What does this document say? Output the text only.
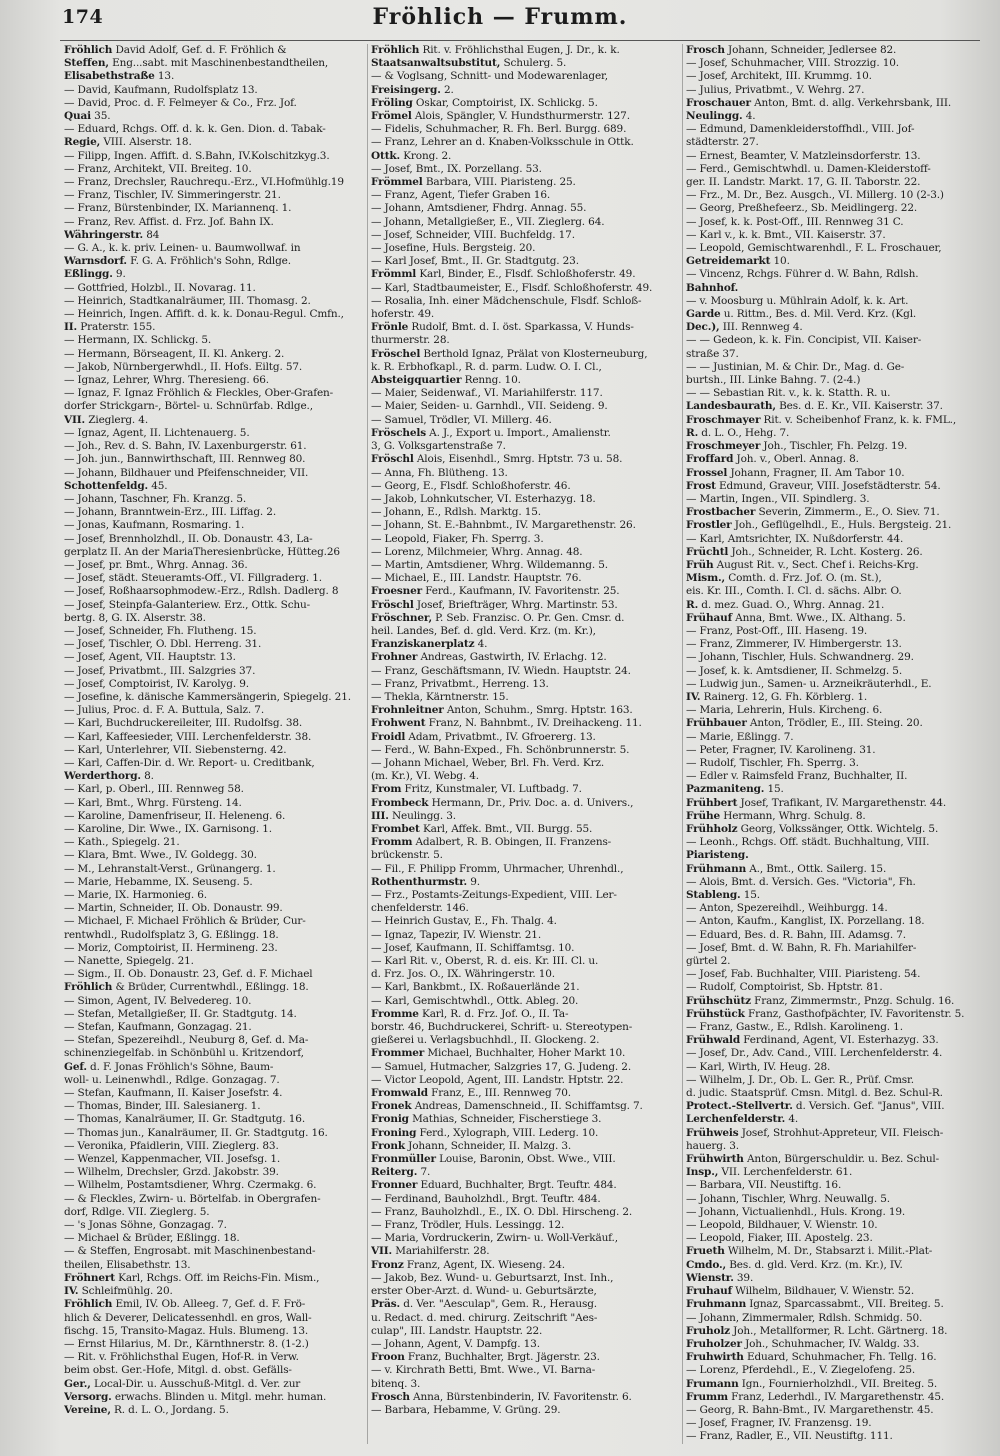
174	Fröhlich — Frumm.
Fröhlich David Adolf, Gef. d. F. Fröhlich &
Steffen, Eng...sabt. mit Maschinenbestandtheilen,
Elisabethstraße 13.
— David, Kaufmann, Rudolfsplatz 13.
— David, Proc. d. F. Felmeyer & Co., Frz. Jof.
Quai 35.
— Eduard, Rchgs. Off. d. k. k. Gen. Dion. d. Tabak-
Regie, VIII. Alserstr. 18.
— Filipp, Ingen. Affift. d. S.Bahn, IV.Kolschitzkyg.3.
— Franz, Architekt, VII. Breiteg. 10.
— Franz, Drechsler, Rauchrequ.-Erz., VI.Hofmühlg.19
— Franz, Tischler, IV. Simmeringerstr. 21.
— Franz, Bürstenbinder, IX. Mariannenq. 1.
— Franz, Rev. Affist. d. Frz. Jof. Bahn IX.
Währingerstr. 84
— G. A., k. k. priv. Leinen- u. Baumwollwaf. in
Warnsdorf. F. G. A. Fröhlich's Sohn, Rdlge.
Eßlingg. 9.
— Gottfried, Holzbl., II. Novarag. 11.
— Heinrich, Stadtkanalräumer, III. Thomasg. 2.
— Heinrich, Ingen. Affift. d. k. k. Donau-Regul. Cmfn.,
II. Praterstr. 155.
— Hermann, IX. Schlickg. 5.
— Hermann, Börseagent, II. Kl. Ankerg. 2.
— Jakob, Nürnbergerwhdl., II. Hofs. Eiltg. 57.
— Ignaz, Lehrer, Whrg. Theresieng. 66.
— Ignaz, F. Ignaz Fröhlich & Fleckles, Ober-Grafen-
dorfer Strickgarn-, Börtel- u. Schnürfab. Rdlge.,
VII. Zieglerg. 4.
— Ignaz, Agent, II. Lichtenauerg. 5.
— Joh., Rev. d. S. Bahn, IV. Laxenburgerstr. 61.
— Joh. jun., Bannwirthschaft, III. Rennweg 80.
— Johann, Bildhauer und Pfeifenschneider, VII.
Schottenfeldg. 45.
— Johann, Taschner, Fh. Kranzg. 5.
— Johann, Branntwein-Erz., III. Liffag. 2.
— Jonas, Kaufmann, Rosmaring. 1.
— Josef, Brennholzhdl., II. Ob. Donaustr. 43, La-
gerplatz II. An der MariaTheresienbrücke, Hütteg.26
— Josef, pr. Bmt., Whrg. Annag. 36.
— Josef, städt. Steueramts-Off., VI. Fillgraderg. 1.
— Josef, Roßhaarsophmodew.-Erz., Rdlsh. Dadlerg. 8
— Josef, Steinpfa-Galanteriew. Erz., Ottk. Schu-
bertg. 8, G. IX. Alserstr. 38.
— Josef, Schneider, Fh. Flutheng. 15.
— Josef, Tischler, O. Dbl. Herreng. 31.
— Josef, Agent, VII. Hauptstr. 13.
— Josef, Privatbmt., III. Salzgries 37.
— Josef, Comptoirist, IV. Karolyg. 9.
— Josefine, k. dänische Kammersängerin, Spiegelg. 21.
— Julius, Proc. d. F. A. Buttula, Salz. 7.
— Karl, Buchdruckereileiter, III. Rudolfsg. 38.
— Karl, Kaffeesieder, VIII. Lerchenfelderstr. 38.
— Karl, Unterlehrer, VII. Siebensterng. 42.
— Karl, Caffen-Dir. d. Wr. Report- u. Creditbank,
Werderthorg. 8.
— Karl, p. Oberl., III. Rennweg 58.
— Karl, Bmt., Whrg. Fürsteng. 14.
— Karoline, Damenfriseur, II. Heleneng. 6.
— Karoline, Dir. Wwe., IX. Garnisong. 1.
— Kath., Spiegelg. 21.
— Klara, Bmt. Wwe., IV. Goldegg. 30.
— M., Lehranstalt-Verst., Grünangerg. 1.
— Marie, Hebamme, IX. Seuseng. 5.
— Marie, IX. Harmonieg. 6.
— Martin, Schneider, II. Ob. Donaustr. 99.
— Michael, F. Michael Fröhlich & Brüder, Cur-
rentwhdl., Rudolfsplatz 3, G. Eßlingg. 18.
— Moriz, Comptoirist, II. Hermineng. 23.
— Nanette, Spiegelg. 21.
— Sigm., II. Ob. Donaustr. 23, Gef. d. F. Michael
Fröhlich & Brüder, Currentwhdl., Eßlingg. 18.
— Simon, Agent, IV. Belvedereg. 10.
— Stefan, Metallgießer, II. Gr. Stadtgutg. 14.
— Stefan, Kaufmann, Gonzagag. 21.
— Stefan, Spezereihdl., Neuburg 8, Gef. d. Ma-
schinenziegelfab. in Schönbühl u. Kritzendorf,
Gef. d. F. Jonas Fröhlich's Söhne, Baum-
woll- u. Leinenwhdl., Rdlge. Gonzagag. 7.
— Stefan, Kaufmann, II. Kaiser Josefstr. 4.
— Thomas, Binder, III. Salesianerg. 1.
— Thomas, Kanalräumer, II. Gr. Stadtgutg. 16.
— Thomas jun., Kanalräumer, II. Gr. Stadtgutg. 16.
— Veronika, Pfaidlerin, VIII. Zieglerg. 83.
— Wenzel, Kappenmacher, VII. Josefsg. 1.
— Wilhelm, Drechsler, Grzd. Jakobstr. 39.
— Wilhelm, Postamtsdiener, Whrg. Czermakg. 6.
— & Fleckles, Zwirn- u. Börtelfab. in Obergrafen-
dorf, Rdlge. VII. Zieglerg. 5.
— 's Jonas Söhne, Gonzagag. 7.
— Michael & Brüder, Eßlingg. 18.
— & Steffen, Engrosabt. mit Maschinenbestand-
theilen, Elisabethstr. 13.
Fröhnert Karl, Rchgs. Off. im Reichs-Fin. Mism.,
IV. Schleifmühlg. 20.
Fröhlich Emil, IV. Ob. Alleeg. 7, Gef. d. F. Frö-
hlich & Deverer, Delicatessenhdl. en gros, Wall-
fischg. 15, Transito-Magaz. Huls. Blumeng. 13.
— Ernst Hilarius, M. Dr., Kärnthnerstr. 8. (1-2.)
— Rit. v. Fröhlichsthal Eugen, Hof-R. in Verw.
beim obst. Ger.-Hofe, Mitgl. d. obst. Gefälls-
Ger., Local-Dir. u. Ausschuß-Mitgl. d. Ver. zur
Versorg. erwachs. Blinden u. Mitgl. mehr. human.
Vereine, R. d. L. O., Jordang. 5.
Fröhlich Rit. v. Fröhlichsthal Eugen, J. Dr., k. k.
Staatsanwaltsubstitut, Schulerg. 5.
— & Voglsang, Schnitt- und Modewarenlager,
Freisingerg. 2.
Fröling Oskar, Comptoirist, IX. Schlickg. 5.
Frömel Alois, Spängler, V. Hundsthurmerstr. 127.
— Fidelis, Schuhmacher, R. Fh. Berl. Burgg. 689.
— Franz, Lehrer an d. Knaben-Volksschule in Ottk.
Ottk. Krong. 2.
— Josef, Bmt., IX. Porzellang. 53.
Frömmel Barbara, VIII. Piaristeng. 25.
— Franz, Agent, Tiefer Graben 16.
— Johann, Amtsdiener, Fhdrg. Annag. 55.
— Johann, Metallgießer, E., VII. Zieglerg. 64.
— Josef, Schneider, VIII. Buchfeldg. 17.
— Josefine, Huls. Bergsteig. 20.
— Karl Josef, Bmt., II. Gr. Stadtgutg. 23.
Frömml Karl, Binder, E., Flsdf. Schloßhoferstr. 49.
— Karl, Stadtbaumeister, E., Flsdf. Schloßhoferstr. 49.
— Rosalia, Inh. einer Mädchenschule, Flsdf. Schloß-
hoferstr. 49.
Frönle Rudolf, Bmt. d. I. öst. Sparkassa, V. Hunds-
thurmerstr. 28.
Fröschel Berthold Ignaz, Prälat von Klosterneuburg,
k. R. Erbhofkapl., R. d. parm. Ludw. O. I. Cl.,
Absteigquartier Renng. 10.
— Maier, Seidenwaf., VI. Mariahilferstr. 117.
— Maier, Seiden- u. Garnhdl., VII. Seideng. 9.
— Samuel, Trödler, VI. Millerg. 46.
Fröschels A. J., Export u. Import., Amalienstr.
3, G. Volksgartenstraße 7.
Fröschl Alois, Eisenhdl., Smrg. Hptstr. 73 u. 58.
— Anna, Fh. Blütheng. 13.
— Georg, E., Flsdf. Schloßhoferstr. 46.
— Jakob, Lohnkutscher, VI. Esterhazyg. 18.
— Johann, E., Rdlsh. Marktg. 15.
— Johann, St. E.-Bahnbmt., IV. Margarethenstr. 26.
— Leopold, Fiaker, Fh. Sperrg. 3.
— Lorenz, Milchmeier, Whrg. Annag. 48.
— Martin, Amtsdiener, Whrg. Wildemanng. 5.
— Michael, E., III. Landstr. Hauptstr. 76.
Froesner Ferd., Kaufmann, IV. Favoritenstr. 25.
Fröschl Josef, Briefträger, Whrg. Martinstr. 53.
Fröschner, P. Seb. Franzisc. O. Pr. Gen. Cmsr. d.
heil. Landes, Bef. d. gld. Verd. Krz. (m. Kr.),
Franziskanerplatz 4.
Frohner Andreas, Gastwirth, IV. Erlachg. 12.
— Franz, Geschäftsmann, IV. Wiedn. Hauptstr. 24.
— Franz, Privatbmt., Herreng. 13.
— Thekla, Kärntnerstr. 15.
Frohnleitner Anton, Schuhm., Smrg. Hptstr. 163.
Frohwent Franz, N. Bahnbmt., IV. Dreihackeng. 11.
Froidl Adam, Privatbmt., IV. Gfroererg. 13.
— Ferd., W. Bahn-Exped., Fh. Schönbrunnerstr. 5.
— Johann Michael, Weber, Brl. Fh. Verd. Krz.
(m. Kr.), VI. Webg. 4.
From Fritz, Kunstmaler, VI. Luftbadg. 7.
Frombeck Hermann, Dr., Priv. Doc. a. d. Univers.,
III. Neulingg. 3.
Frombet Karl, Affek. Bmt., VII. Burgg. 55.
Fromm Adalbert, R. B. Obingen, II. Franzens-
brückenstr. 5.
— Fil., F. Philipp Fromm, Uhrmacher, Uhrenhdl.,
Rothenthurmstr. 9.
— Frz., Postamts-Zeitungs-Expedient, VIII. Ler-
chenfelderstr. 146.
— Heinrich Gustav, E., Fh. Thalg. 4.
— Ignaz, Tapezir, IV. Wienstr. 21.
— Josef, Kaufmann, II. Schiffamtsg. 10.
— Karl Rit. v., Oberst, R. d. eis. Kr. III. Cl. u.
d. Frz. Jos. O., IX. Währingerstr. 10.
— Karl, Bankbmt., IX. Roßauerlände 21.
— Karl, Gemischtwhdl., Ottk. Ableg. 20.
Fromme Karl, R. d. Frz. Jof. O., II. Ta-
borstr. 46, Buchdruckerei, Schrift- u. Stereotypen-
gießerei u. Verlagsbuchhdl., II. Glockeng. 2.
Frommer Michael, Buchhalter, Hoher Markt 10.
— Samuel, Hutmacher, Salzgries 17, G. Judeng. 2.
— Victor Leopold, Agent, III. Landstr. Hptstr. 22.
Fromwald Franz, E., III. Rennweg 70.
Fronek Andreas, Damenschneid., II. Schiffamtsg. 7.
Fronig Mathias, Schneider, Fischerstiege 3.
Froning Ferd., Xylograph, VIII. Lederg. 10.
Fronk Johann, Schneider, II. Malzg. 3.
Fronmüller Louise, Baronin, Obst. Wwe., VIII.
Reiterg. 7.
Fronner Eduard, Buchhalter, Brgt. Teuftr. 484.
— Ferdinand, Bauholzhdl., Brgt. Teuftr. 484.
— Franz, Bauholzhdl., E., IX. O. Dbl. Hirscheng. 2.
— Franz, Trödler, Huls. Lessingg. 12.
— Maria, Vordruckerin, Zwirn- u. Woll-Verkäuf.,
VII. Mariahilferstr. 28.
Fronz Franz, Agent, IX. Wieseng. 24.
— Jakob, Bez. Wund- u. Geburtsarzt, Inst. Inh.,
erster Ober-Arzt. d. Wund- u. Geburtsärzte,
Präs. d. Ver. "Aesculap", Gem. R., Herausg.
u. Redact. d. med. chirurg. Zeitschrift "Aes-
culap", III. Landstr. Hauptstr. 22.
— Johann, Agent, V. Dampfg. 13.
Froon Franz, Buchhalter, Brgt. Jägerstr. 23.
— v. Kirchrath Betti, Bmt. Wwe., VI. Barna-
bitenq. 3.
Frosch Anna, Bürstenbinderin, IV. Favoritenstr. 6.
— Barbara, Hebamme, V. Grüng. 29.
Frosch Johann, Schneider, Jedlersee 82.
— Josef, Schuhmacher, VIII. Strozzig. 10.
— Josef, Architekt, III. Krummg. 10.
— Julius, Privatbmt., V. Wehrg. 27.
Froschauer Anton, Bmt. d. allg. Verkehrsbank, III.
Neulingg. 4.
— Edmund, Damenkleiderstoffhdl., VIII. Jof-
städterstr. 27.
— Ernest, Beamter, V. Matzleinsdorferstr. 13.
— Ferd., Gemischtwhdl. u. Damen-Kleiderstoff-
ger. II. Landstr. Markt. 17, G. II. Taborstr. 22.
— Frz., M. Dr., Bez. Ausgch., VI. Millerg. 10 (2-3.)
— Georg, Preßhefeerz., Sb. Meidlingerg. 22.
— Josef, k. k. Post-Off., III. Rennweg 31 C.
— Karl v., k. k. Bmt., VII. Kaiserstr. 37.
— Leopold, Gemischtwarenhdl., F. L. Froschauer,
Getreidemarkt 10.
— Vincenz, Rchgs. Führer d. W. Bahn, Rdlsh.
Bahnhof.
— v. Moosburg u. Mühlrain Adolf, k. k. Art.
Garde u. Rittm., Bes. d. Mil. Verd. Krz. (Kgl.
Dec.), III. Rennweg 4.
— — Gedeon, k. k. Fin. Concipist, VII. Kaiser-
straße 37.
— — Justinian, M. & Chir. Dr., Mag. d. Ge-
burtsh., III. Linke Bahng. 7. (2-4.)
— — Sebastian Rit. v., k. k. Statth. R. u.
Landesbaurath, Bes. d. E. Kr., VII. Kaiserstr. 37.
Froschmayer Rit. v. Scheibenhof Franz, k. k. FML.,
R. d. L. O., Hehg. 7.
Froschmeyer Joh., Tischler, Fh. Pelzg. 19.
Froffard Joh. v., Oberl. Annag. 8.
Frossel Johann, Fragner, II. Am Tabor 10.
Frost Edmund, Graveur, VIII. Josefstädterstr. 54.
— Martin, Ingen., VII. Spindlerg. 3.
Frostbacher Severin, Zimmerm., E., O. Siev. 71.
Frostler Joh., Geflügelhdl., E., Huls. Bergsteig. 21.
— Karl, Amtsrichter, IX. Nußdorferstr. 44.
Früchtl Joh., Schneider, R. Lcht. Kosterg. 26.
Früh August Rit. v., Sect. Chef i. Reichs-Krg.
Mism., Comth. d. Frz. Jof. O. (m. St.),
eis. Kr. III., Comth. I. Cl. d. sächs. Albr. O.
R. d. mez. Guad. O., Whrg. Annag. 21.
Frühauf Anna, Bmt. Wwe., IX. Althang. 5.
— Franz, Post-Off., III. Haseng. 19.
— Franz, Zimmerer, IV. Himbergerstr. 13.
— Johann, Tischler, Huls. Schwandnerg. 29.
— Josef, k. k. Amtsdiener, II. Schmelzg. 5.
— Ludwig jun., Samen- u. Arzneikräuterhdl., E.
IV. Rainerg. 12, G. Fh. Körblerg. 1.
— Maria, Lehrerin, Huls. Kircheng. 6.
Frühbauer Anton, Trödler, E., III. Steing. 20.
— Marie, Eßlingg. 7.
— Peter, Fragner, IV. Karolineng. 31.
— Rudolf, Tischler, Fh. Sperrg. 3.
— Edler v. Raimsfeld Franz, Buchhalter, II.
Pazmaniteng. 15.
Frühbert Josef, Trafikant, IV. Margarethenstr. 44.
Frühe Hermann, Whrg. Schulg. 8.
Frühholz Georg, Volkssänger, Ottk. Wichtelg. 5.
— Leonh., Rchgs. Off. städt. Buchhaltung, VIII.
Piaristeng.
Frühmann A., Bmt., Ottk. Sailerg. 15.
— Alois, Bmt. d. Versich. Ges. "Victoria", Fh.
Stableng. 15.
— Anton, Spezereihdl., Weihburgg. 14.
— Anton, Kaufm., Kanglist, IX. Porzellang. 18.
— Eduard, Bes. d. R. Bahn, III. Adamsg. 7.
— Josef, Bmt. d. W. Bahn, R. Fh. Mariahilfer-
gürtel 2.
— Josef, Fab. Buchhalter, VIII. Piaristeng. 54.
— Rudolf, Comptoirist, Sb. Hptstr. 81.
Frühschütz Franz, Zimmermstr., Pnzg. Schulg. 16.
Frühstück Franz, Gasthofpächter, IV. Favoritenstr. 5.
— Franz, Gastw., E., Rdlsh. Karolineng. 1.
Frühwald Ferdinand, Agent, VI. Esterhazyg. 33.
— Josef, Dr., Adv. Cand., VIII. Lerchenfelderstr. 4.
— Karl, Wirth, IV. Heug. 28.
— Wilhelm, J. Dr., Ob. L. Ger. R., Prüf. Cmsr.
d. judic. Staatsprüf. Cmsn. Mitgl. d. Bez. Schul-R.
Protect.-Stellvertr. d. Versich. Gef. "Janus", VIII.
Lerchenfelderstr. 4.
Frühweis Josef, Strohhut-Appreteur, VII. Fleisch-
hauerg. 3.
Frühwirth Anton, Bürgerschuldir. u. Bez. Schul-
Insp., VII. Lerchenfelderstr. 61.
— Barbara, VII. Neustiftg. 16.
— Johann, Tischler, Whrg. Neuwallg. 5.
— Johann, Victualienhdl., Huls. Krong. 19.
— Leopold, Bildhauer, V. Wienstr. 10.
— Leopold, Fiaker, III. Apostelg. 23.
Frueth Wilhelm, M. Dr., Stabsarzt i. Milit.-Plat-
Cmdo., Bes. d. gld. Verd. Krz. (m. Kr.), IV.
Wienstr. 39.
Fruhauf Wilhelm, Bildhauer, V. Wienstr. 52.
Fruhmann Ignaz, Sparcassabmt., VII. Breiteg. 5.
— Johann, Zimmermaler, Rdlsh. Schmidg. 50.
Fruholz Joh., Metallformer, R. Lcht. Gärtnerg. 18.
Fruholzer Joh., Schuhmacher, IV. Waldg. 33.
Fruhwirth Eduard, Schuhmacher, Fh. Tellg. 16.
— Lorenz, Pferdehdl., E., V. Ziegelofeng. 25.
Frumann Ign., Fournierholzhdl., VII. Breiteg. 5.
Frumm Franz, Lederhdl., IV. Margarethenstr. 45.
— Georg, R. Bahn-Bmt., IV. Margarethenstr. 45.
— Josef, Fragner, IV. Franzensg. 19.
— Franz, Radler, E., VII. Neustiftg. 111.
